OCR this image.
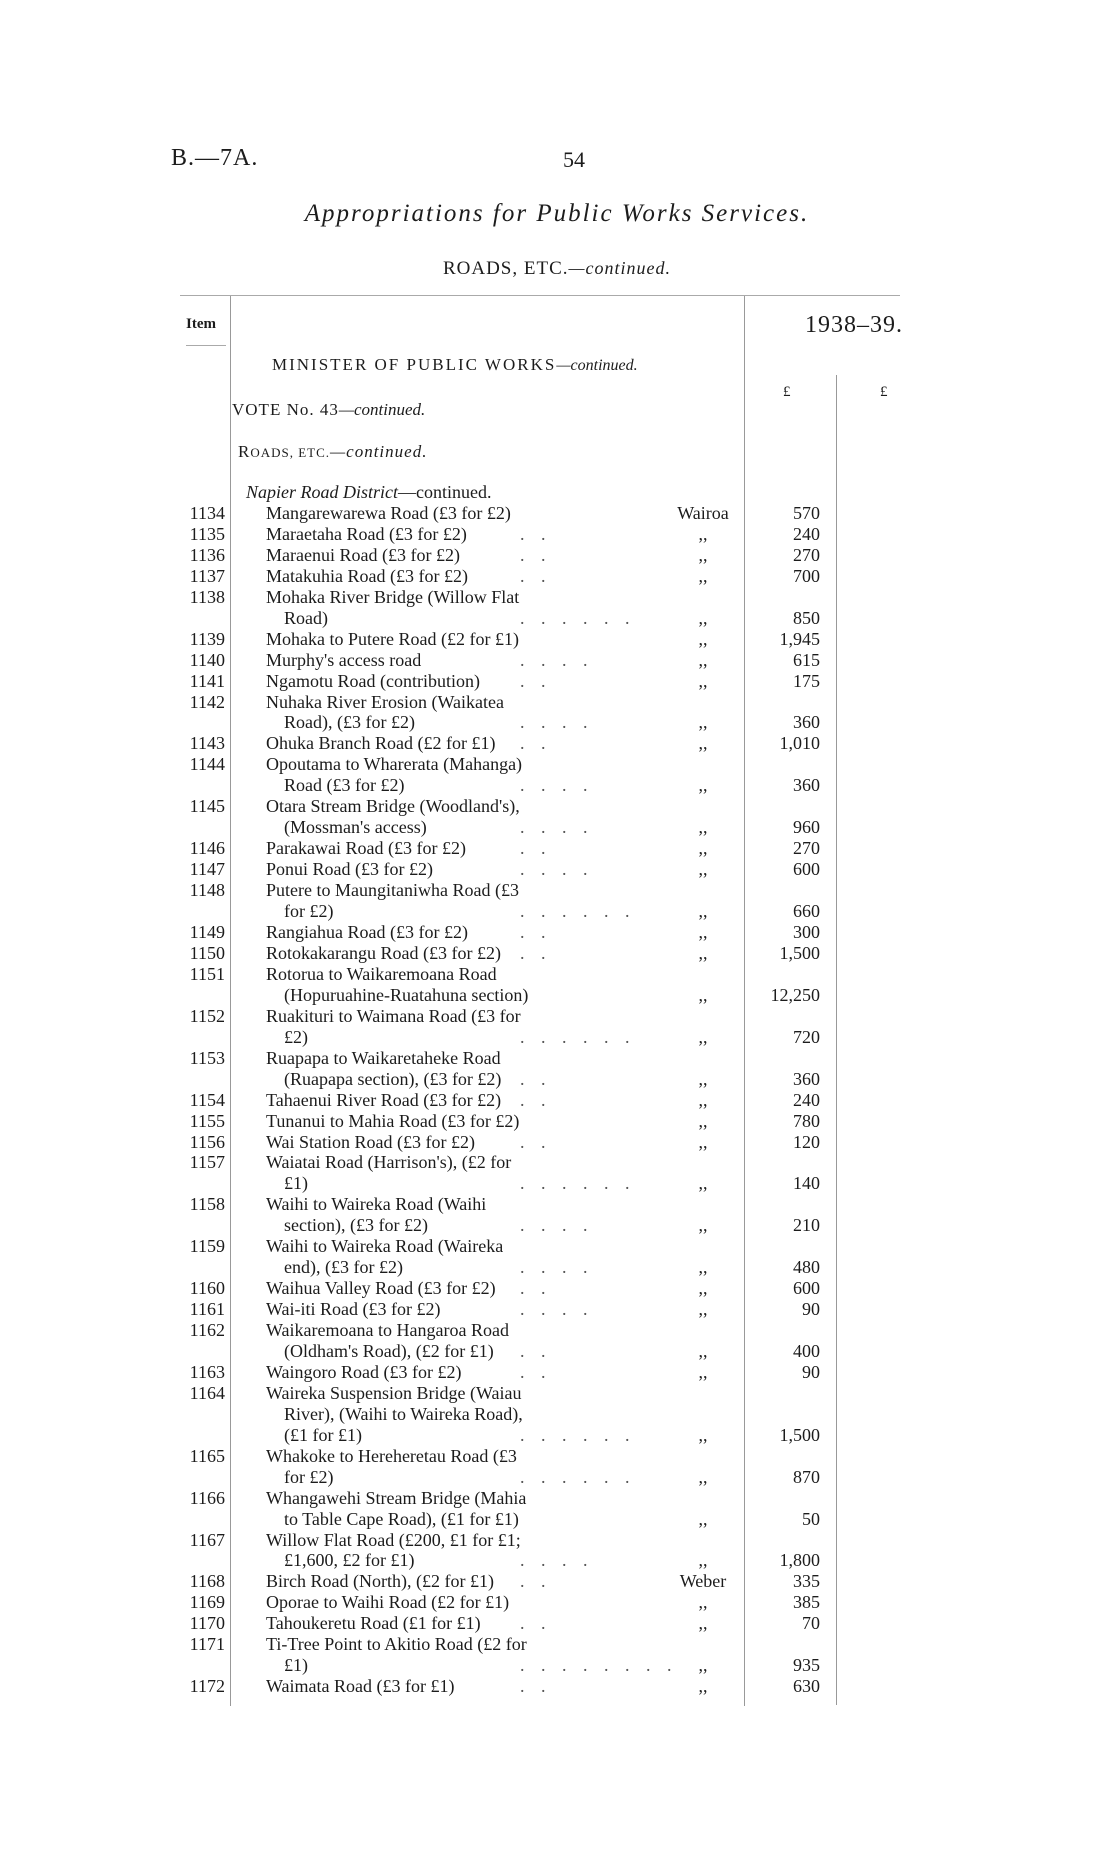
B.—7A.	54
Appropriations for Public Works Services.
ROADS, ETC.—continued.
Item	1938–39.
£	£
MINISTER OF PUBLIC WORKS—continued.
VOTE No. 43—continued.
ROADS, ETC.—continued.
Napier Road District—continued.
1134 Mangarewarewa Road (£3 for £2)	Wairoa	570
1135 Maraetaha Road (£3 for £2)	. .	,,	240
1136 Maraenui Road (£3 for £2)	. .	,,	270
1137 Matakuhia Road (£3 for £2)	. .	,,	700
1138 Mohaka River Bridge (Willow Flat
Road)	. . . . . .	,,	850
1139 Mohaka to Putere Road (£2 for £1)	,,	1,945
1140 Murphy's access road	. . . .	,,	615
1141 Ngamotu Road (contribution) . .	,,	175
1142 Nuhaka River Erosion (Waikatea
Road), (£3 for £2)	. . . .	,,	360
1143 Ohuka Branch Road (£2 for £1) . .	,,	1,010
1144 Opoutama to Wharerata (Mahanga)
Road (£3 for £2)	. . . .	,,	360
1145 Otara Stream Bridge (Woodland's),
(Mossman's access)	. . . .	,,	960
1146 Parakawai Road (£3 for £2)	. .	,,	270
1147 Ponui Road (£3 for £2)	. . . .	,,	600
1148 Putere to Maungitaniwha Road (£3
for £2)	. . . . . .	,,	660
1149 Rangiahua Road (£3 for £2)	. .	,,	300
1150 Rotokakarangu Road (£3 for £2) . .	,,	1,500
1151 Rotorua to Waikaremoana Road
(Hopuruahine-Ruatahuna section)	,,	12,250
1152 Ruakituri to Waimana Road (£3 for
£2)	. . . . . .	,,	720
1153 Ruapapa to Waikaretaheke Road
(Ruapapa section), (£3 for £2) . .	,,	360
1154 Tahaenui River Road (£3 for £2) . .	,,	240
1155 Tunanui to Mahia Road (£3 for £2)	,,	780
1156 Wai Station Road (£3 for £2) . .	,,	120
1157 Waiatai Road (Harrison's), (£2 for
£1)	. . . . . .	,,	140
1158 Waihi to Waireka Road (Waihi
section), (£3 for £2)	. . . .	,,	210
1159 Waihi to Waireka Road (Waireka
end), (£3 for £2)	. . . .	,,	480
1160 Waihua Valley Road (£3 for £2) . .	,,	600
1161 Wai-iti Road (£3 for £2)	. . . .	,,	90
1162 Waikaremoana to Hangaroa Road
(Oldham's Road), (£2 for £1) . .	,,	400
1163 Waingoro Road (£3 for £2)	. .	,,	90
1164 Waireka Suspension Bridge (Waiau
River), (Waihi to Waireka Road),
(£1 for £1)	. . . . . .	,,	1,500
1165 Whakoke to Hereheretau Road (£3
for £2)	. . . . . .	,,	870
1166 Whangawehi Stream Bridge (Mahia
to Table Cape Road), (£1 for £1)	,,	50
1167 Willow Flat Road (£200, £1 for £1;
£1,600, £2 for £1)	. . . .	,,	1,800
1168 Birch Road (North), (£2 for £1) . .	Weber	335
1169 Oporae to Waihi Road (£2 for £1)	,,	385
1170 Tahoukeretu Road (£1 for £1) . .	,,	70
1171 Ti-Tree Point to Akitio Road (£2 for
£1)	. . . . . . . .	,,	935
1172 Waimata Road (£3 for £1)	. .	,,	630
